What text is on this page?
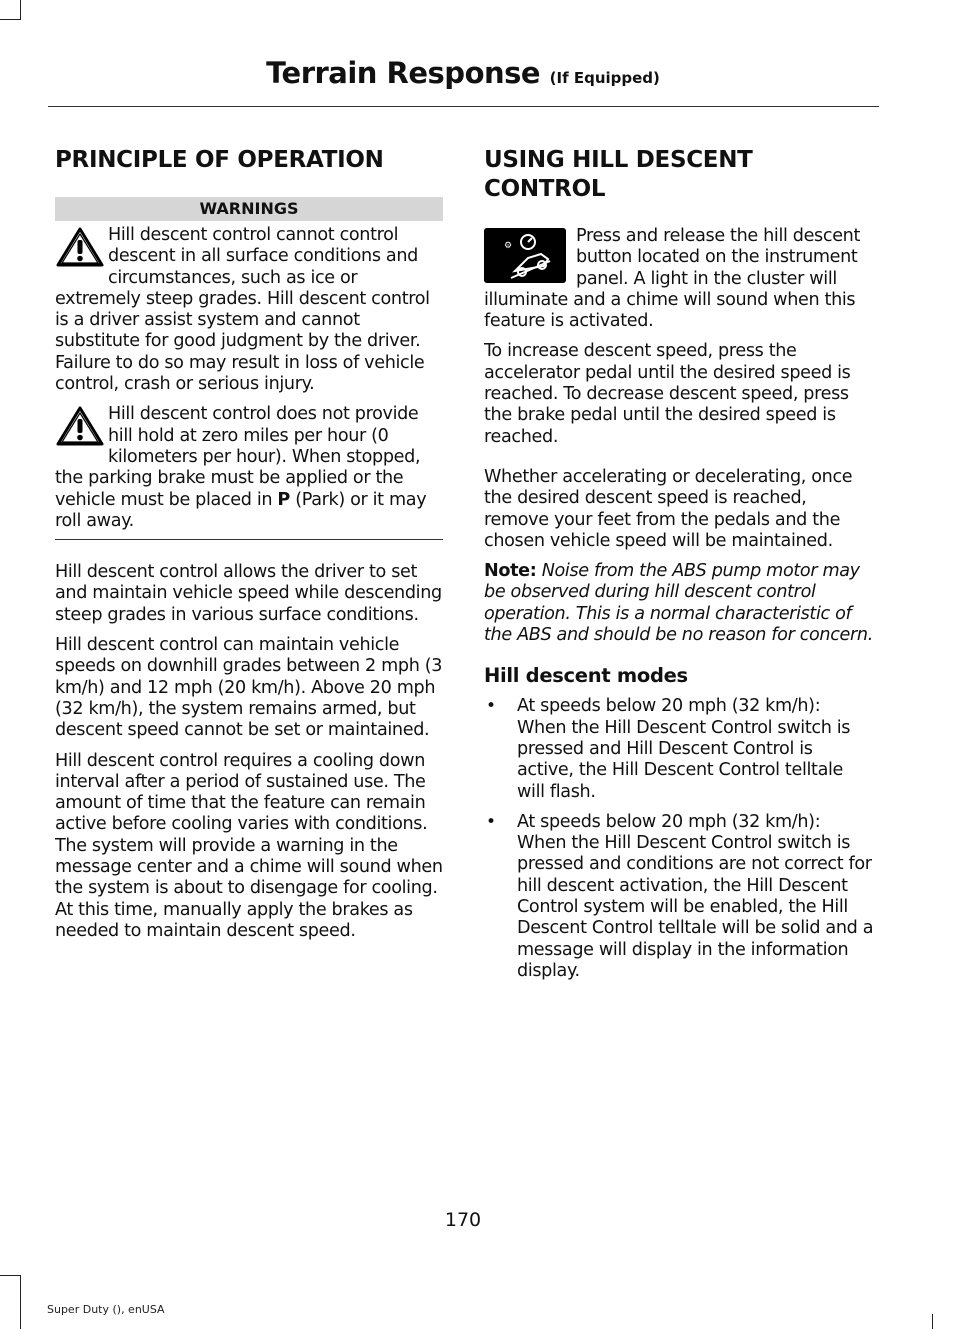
Terrain Response (If Equipped)
PRINCIPLE OF OPERATION
WARNINGS

Hill descent control cannot control descent in all surface conditions and circumstances, such as ice or extremely steep grades. Hill descent control is a driver assist system and cannot substitute for good judgment by the driver. Failure to do so may result in loss of vehicle control, crash or serious injury.

Hill descent control does not provide hill hold at zero miles per hour (0 kilometers per hour). When stopped, the parking brake must be applied or the vehicle must be placed in P (Park) or it may roll away.

Hill descent control allows the driver to set and maintain vehicle speed while descending steep grades in various surface conditions.

Hill descent control can maintain vehicle speeds on downhill grades between 2 mph (3 km/h) and 12 mph (20 km/h). Above 20 mph (32 km/h), the system remains armed, but descent speed cannot be set or maintained.

Hill descent control requires a cooling down interval after a period of sustained use. The amount of time that the feature can remain active before cooling varies with conditions. The system will provide a warning in the message center and a chime will sound when the system is about to disengage for cooling. At this time, manually apply the brakes as needed to maintain descent speed.

USING HILL DESCENT CONTROL
⚙	Press and release the hill descent button located on the instrument panel. A light in the cluster will illuminate and a chime will sound when this feature is activated.

To increase descent speed, press the accelerator pedal until the desired speed is reached. To decrease descent speed, press the brake pedal until the desired speed is reached.

Whether accelerating or decelerating, once the desired descent speed is reached, remove your feet from the pedals and the chosen vehicle speed will be maintained.

Note: Noise from the ABS pump motor may be observed during hill descent control operation. This is a normal characteristic of the ABS and should be no reason for concern.

Hill descent modes
• At speeds below 20 mph (32 km/h): When the Hill Descent Control switch is pressed and Hill Descent Control is active, the Hill Descent Control telltale will flash.

• At speeds below 20 mph (32 km/h): When the Hill Descent Control switch is pressed and conditions are not correct for hill descent activation, the Hill Descent Control system will be enabled, the Hill Descent Control telltale will be solid and a message will display in the information display.

170
Super Duty (), enUSA
